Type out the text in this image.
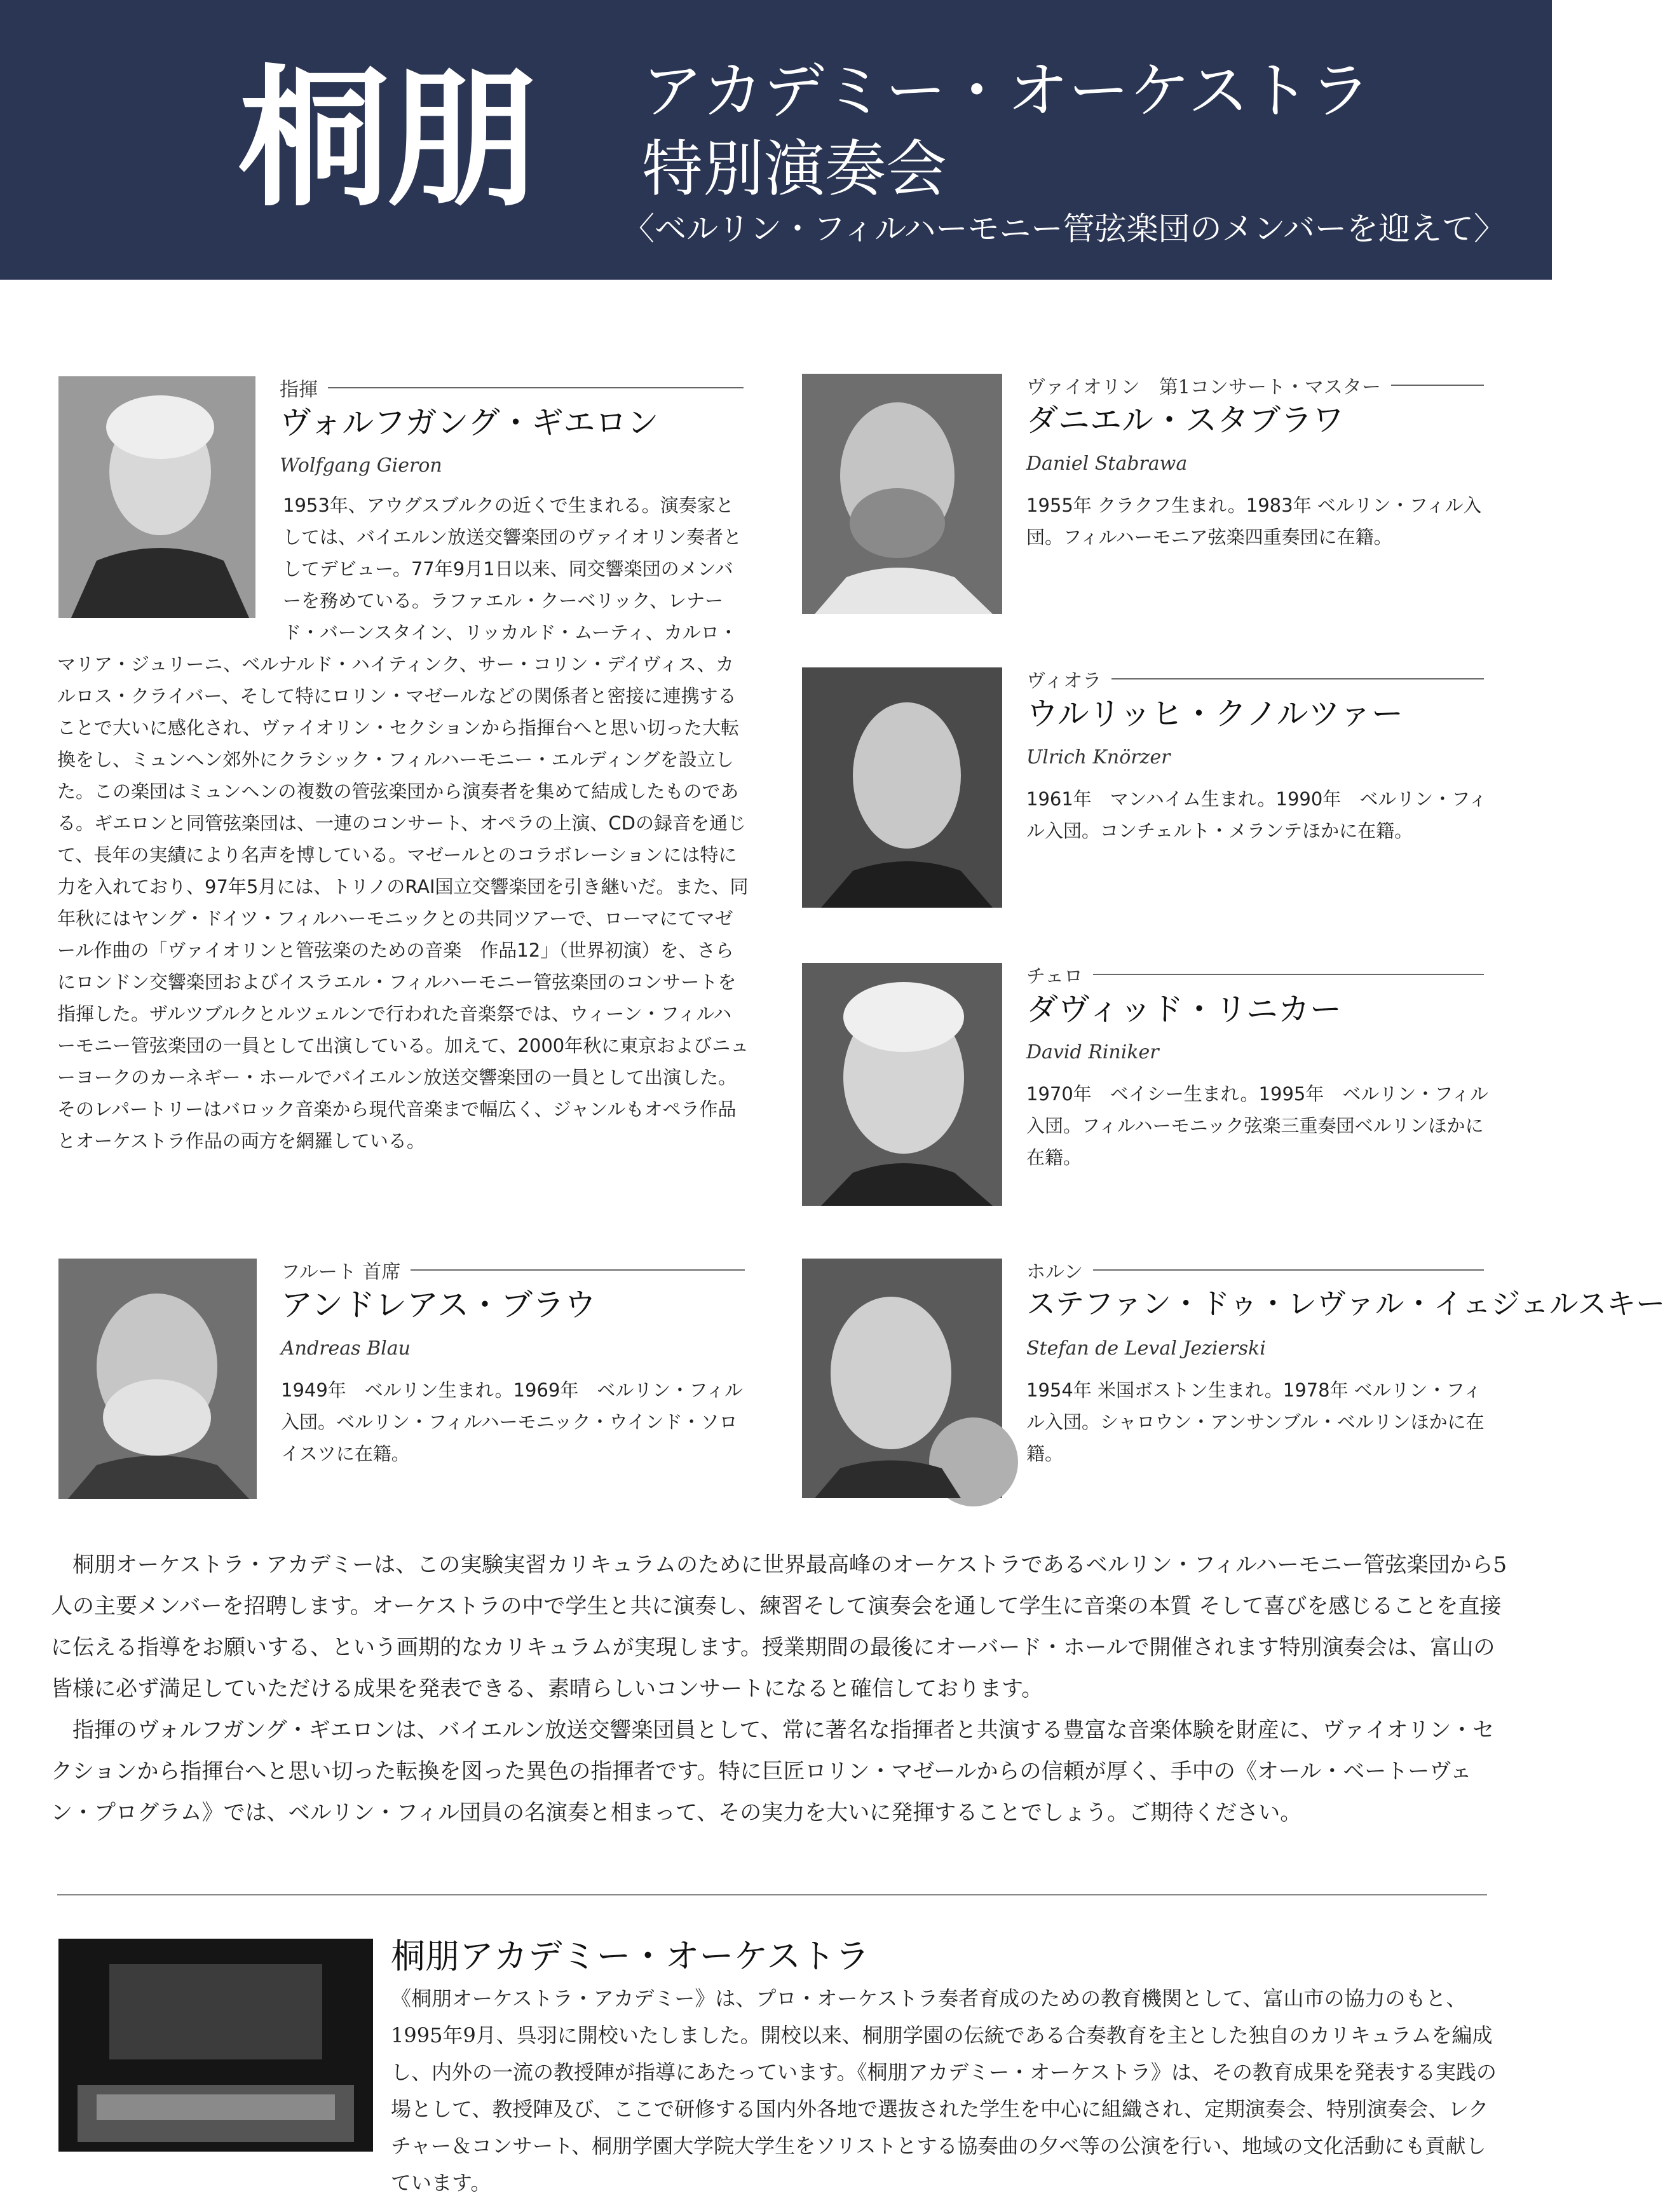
桐朋 アカデミー・オーケストラ
特別演奏会
〈ベルリン・フィルハーモニー管弦楽団のメンバーを迎えて〉
指揮
ヴォルフガング・ギエロン
Wolfgang Gieron

1953年、アウグスブルクの近くで生まれる。演奏家としては、バイエルン放送交響楽団のヴァイオリン奏者としてデビュー。77年9月1日以来、同交響楽団のメンバーを務めている。ラファエル・クーベリック、レナード・バーンスタイン、リッカルド・ムーティ、カルロ・マリア・ジュリーニ、ベルナルド・ハイティンク、サー・コリン・デイヴィス、カルロス・クライバー、そして特にロリン・マゼールなどの関係者と密接に連携することで大いに感化され、ヴァイオリン・セクションから指揮台へと思い切った大転換をし、ミュンヘン郊外にクラシック・フィルハーモニー・エルディングを設立した。この楽団はミュンヘンの複数の管弦楽団から演奏者を集めて結成したものである。ギエロンと同管弦楽団は、一連のコンサート、オペラの上演、CDの録音を通じて、長年の実績により名声を博している。マゼールとのコラボレーションには特に力を入れており、97年5月には、トリノのRAI国立交響楽団を引き継いだ。また、同年秋にはヤング・ドイツ・フィルハーモニックとの共同ツアーで、ローマにてマゼール作曲の「ヴァイオリンと管弦楽のための音楽　作品12」（世界初演）を、さらにロンドン交響楽団およびイスラエル・フィルハーモニー管弦楽団のコンサートを指揮した。ザルツブルクとルツェルンで行われた音楽祭では、ウィーン・フィルハーモニー管弦楽団の一員として出演している。加えて、2000年秋に東京およびニューヨークのカーネギー・ホールでバイエルン放送交響楽団の一員として出演した。そのレパートリーはバロック音楽から現代音楽まで幅広く、ジャンルもオペラ作品とオーケストラ作品の両方を網羅している。

ヴァイオリン　第1コンサート・マスター
ダニエル・スタブラワ
Daniel Stabrawa

1955年 クラクフ生まれ。1983年 ベルリン・フィル入団。フィルハーモニア弦楽四重奏団に在籍。

ヴィオラ
ウルリッヒ・クノルツァー
Ulrich Knörzer

1961年　マンハイム生まれ。1990年　ベルリン・フィル入団。コンチェルト・メランテほかに在籍。

チェロ
ダヴィッド・リニカー
David Riniker

1970年　ベイシー生まれ。1995年　ベルリン・フィル入団。フィルハーモニック弦楽三重奏団ベルリンほかに在籍。

フルート 首席
アンドレアス・ブラウ
Andreas Blau

1949年　ベルリン生まれ。1969年　ベルリン・フィル入団。ベルリン・フィルハーモニック・ウインド・ソロイスツに在籍。

ホルン
ステファン・ドゥ・レヴァル・イェジェルスキー
Stefan de Leval Jezierski

1954年 米国ボストン生まれ。1978年 ベルリン・フィル入団。シャロウン・アンサンブル・ベルリンほかに在籍。

桐朋オーケストラ・アカデミーは、この実験実習カリキュラムのために世界最高峰のオーケストラであるベルリン・フィルハーモニー管弦楽団から5人の主要メンバーを招聘します。オーケストラの中で学生と共に演奏し、練習そして演奏会を通して学生に音楽の本質 そして喜びを感じることを直接に伝える指導をお願いする、という画期的なカリキュラムが実現します。授業期間の最後にオーバード・ホールで開催されます特別演奏会は、富山の皆様に必ず満足していただける成果を発表できる、素晴らしいコンサートになると確信しております。

指揮のヴォルフガング・ギエロンは、バイエルン放送交響楽団員として、常に著名な指揮者と共演する豊富な音楽体験を財産に、ヴァイオリン・セクションから指揮台へと思い切った転換を図った異色の指揮者です。特に巨匠ロリン・マゼールからの信頼が厚く、手中の《オール・ベートーヴェン・プログラム》では、ベルリン・フィル団員の名演奏と相まって、その実力を大いに発揮することでしょう。ご期待ください。

桐朋アカデミー・オーケストラ

《桐朋オーケストラ・アカデミー》は、プロ・オーケストラ奏者育成のための教育機関として、富山市の協力のもと、1995年9月、呉羽に開校いたしました。開校以来、桐朋学園の伝統である合奏教育を主とした独自のカリキュラムを編成し、内外の一流の教授陣が指導にあたっています。《桐朋アカデミー・オーケストラ》は、その教育成果を発表する実践の場として、教授陣及び、ここで研修する国内外各地で選抜された学生を中心に組織され、定期演奏会、特別演奏会、レクチャー＆コンサート、桐朋学園大学院大学生をソリストとする協奏曲の夕べ等の公演を行い、地域の文化活動にも貢献しています。
